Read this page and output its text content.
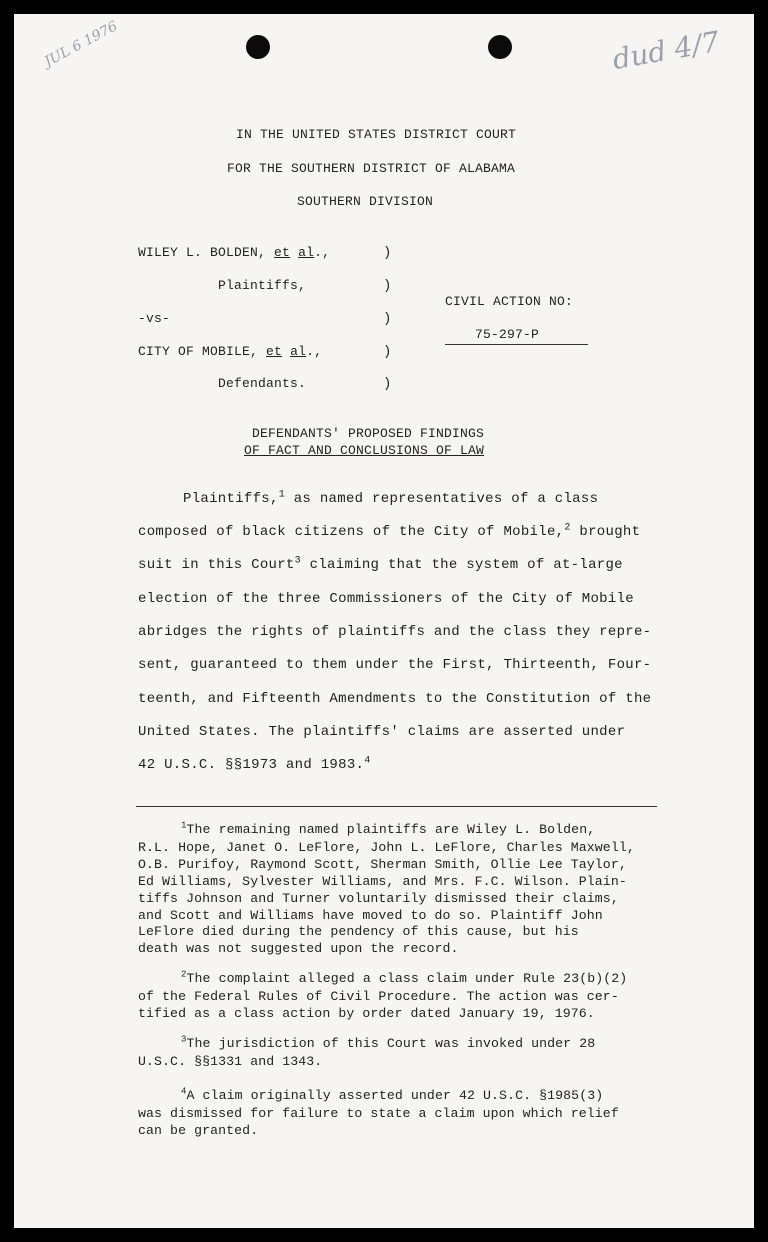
JUL 6 1976	dud 4/7

IN THE UNITED STATES DISTRICT COURT

FOR THE SOUTHERN DISTRICT OF ALABAMA

SOUTHERN DIVISION

WILEY L. BOLDEN, et al.,

Plaintiffs,

-vs-

CITY OF MOBILE, et al.,

Defendants.

)

)

)

)

)

CIVIL ACTION NO:

75-297-P

DEFENDANTS' PROPOSED FINDINGS

OF FACT AND CONCLUSIONS OF LAW

Plaintiffs,$^1$ as named representatives of a class

composed of black citizens of the City of Mobile,$^2$ brought

suit in this Court$^3$ claiming that the system of at-large

election of the three Commissioners of the City of Mobile

abridges the rights of plaintiffs and the class they repre-

sent, guaranteed to them under the First, Thirteenth, Four-

teenth, and Fifteenth Amendments to the Constitution of the

United States. The plaintiffs' claims are asserted under

42 U.S.C. §§1973 and 1983.$^4$

$^1$The remaining named plaintiffs are Wiley L. Bolden,

R.L. Hope, Janet O. LeFlore, John L. LeFlore, Charles Maxwell,

O.B. Purifoy, Raymond Scott, Sherman Smith, Ollie Lee Taylor,

Ed Williams, Sylvester Williams, and Mrs. F.C. Wilson. Plain-

tiffs Johnson and Turner voluntarily dismissed their claims,

and Scott and Williams have moved to do so. Plaintiff John

LeFlore died during the pendency of this cause, but his

death was not suggested upon the record.

$^2$The complaint alleged a class claim under Rule 23(b)(2)

of the Federal Rules of Civil Procedure. The action was cer-

tified as a class action by order dated January 19, 1976.

$^3$The jurisdiction of this Court was invoked under 28

U.S.C. §§1331 and 1343.

$^4$A claim originally asserted under 42 U.S.C. §1985(3)

was dismissed for failure to state a claim upon which relief

can be granted.
